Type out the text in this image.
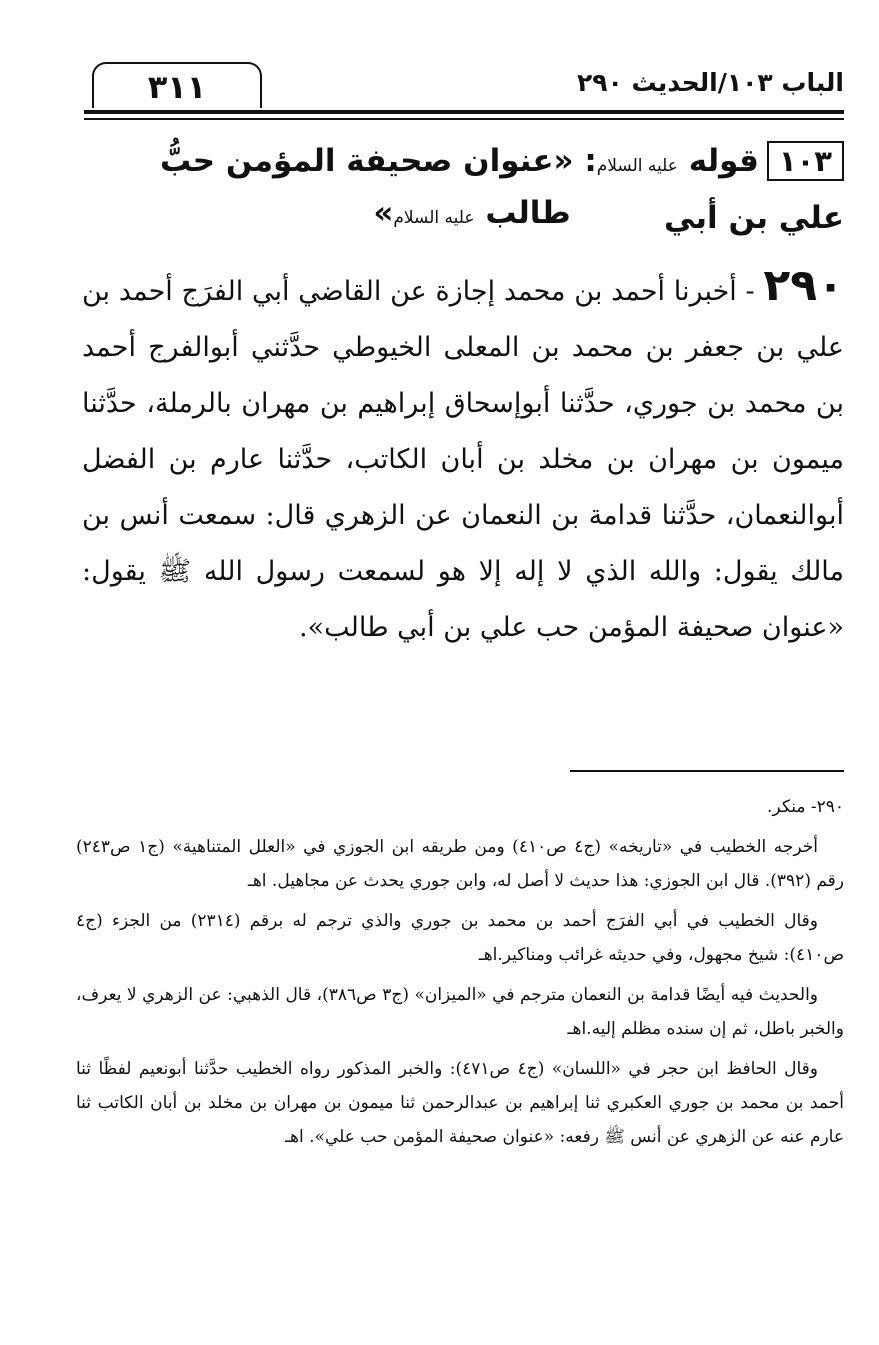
٣١١	الباب ١٠٣/الحديث ٢٩٠
١٠٣قوله عليه السلام: «عنوان صحيفة المؤمن حبُّ علي بن أبي
طالب عليه السلام»
٢٩٠ - أخبرنا أحمد بن محمد إجازة عن القاضي أبي الفرَج أحمد بن علي بن جعفر بن محمد بن المعلى الخيوطي حدَّثني أبوالفرج أحمد بن محمد بن جوري، حدَّثنا أبوإسحاق إبراهيم بن مهران بالرملة، حدَّثنا ميمون بن مهران بن مخلد بن أبان الكاتب، حدَّثنا عارم بن الفضل أبوالنعمان، حدَّثنا قدامة بن النعمان عن الزهري قال: سمعت أنس بن مالك يقول: والله الذي لا إله إلا هو لسمعت رسول الله ﷺ يقول: «عنوان صحيفة المؤمن حب علي بن أبي طالب».

٢٩٠- منكر.

أخرجه الخطيب في «تاريخه» (ج٤ ص٤١٠) ومن طريقه ابن الجوزي في «العلل المتناهية» (ج١ ص٢٤٣) رقم (٣٩٢). قال ابن الجوزي: هذا حديث لا أصل له، وابن جوري يحدث عن مجاهيل. اهـ

وقال الخطيب في أبي الفرَج أحمد بن محمد بن جوري والذي ترجم له برقم (٢٣١٤) من الجزء (ج٤ ص٤١٠): شيخ مجهول، وفي حديثه غرائب ومناكير.اهـ

والحديث فيه أيضًا قدامة بن النعمان مترجم في «الميزان» (ج٣ ص٣٨٦)، قال الذهبي: عن الزهري لا يعرف، والخبر باطل، ثم إن سنده مظلم إليه.اهـ

وقال الحافظ ابن حجر في «اللسان» (ج٤ ص٤٧١): والخبر المذكور رواه الخطيب حدَّثنا أبونعيم لفظًا ثنا أحمد بن محمد بن جوري العكبري ثنا إبراهيم بن عبدالرحمن ثنا ميمون بن مهران بن مخلد بن أبان الكاتب ثنا عارم عنه عن الزهري عن أنس ﷺ رفعه: «عنوان صحيفة المؤمن حب علي». اهـ
